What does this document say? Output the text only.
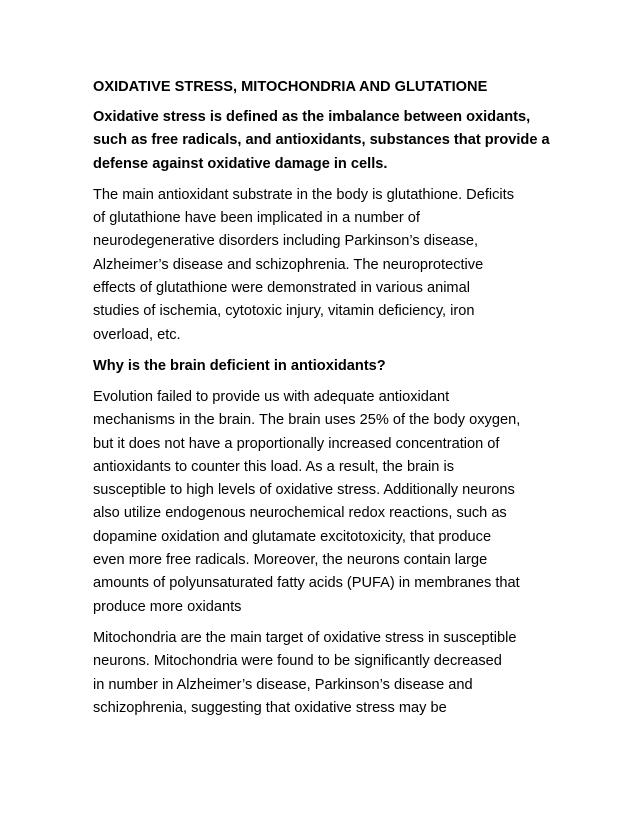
OXIDATIVE STRESS, MITOCHONDRIA AND GLUTATIONE
Oxidative stress is defined as the imbalance between oxidants,
such as free radicals, and antioxidants, substances that provide a
defense against oxidative damage in cells.
The main antioxidant substrate in the body is glutathione. Deficits
of glutathione have been implicated in a number of
neurodegenerative disorders including Parkinson’s disease,
Alzheimer’s disease and schizophrenia. The neuroprotective
effects of glutathione were demonstrated in various animal
studies of ischemia, cytotoxic injury, vitamin deficiency, iron
overload, etc.
Why is the brain deficient in antioxidants?
Evolution failed to provide us with adequate antioxidant
mechanisms in the brain. The brain uses 25% of the body oxygen,
but it does not have a proportionally increased concentration of
antioxidants to counter this load. As a result, the brain is
susceptible to high levels of oxidative stress. Additionally neurons
also utilize endogenous neurochemical redox reactions, such as
dopamine oxidation and glutamate excitotoxicity, that produce
even more free radicals. Moreover, the neurons contain large
amounts of polyunsaturated fatty acids (PUFA) in membranes that
produce more oxidants
Mitochondria are the main target of oxidative stress in susceptible
neurons. Mitochondria were found to be significantly decreased
in number in Alzheimer’s disease, Parkinson’s disease and
schizophrenia, suggesting that oxidative stress may be
